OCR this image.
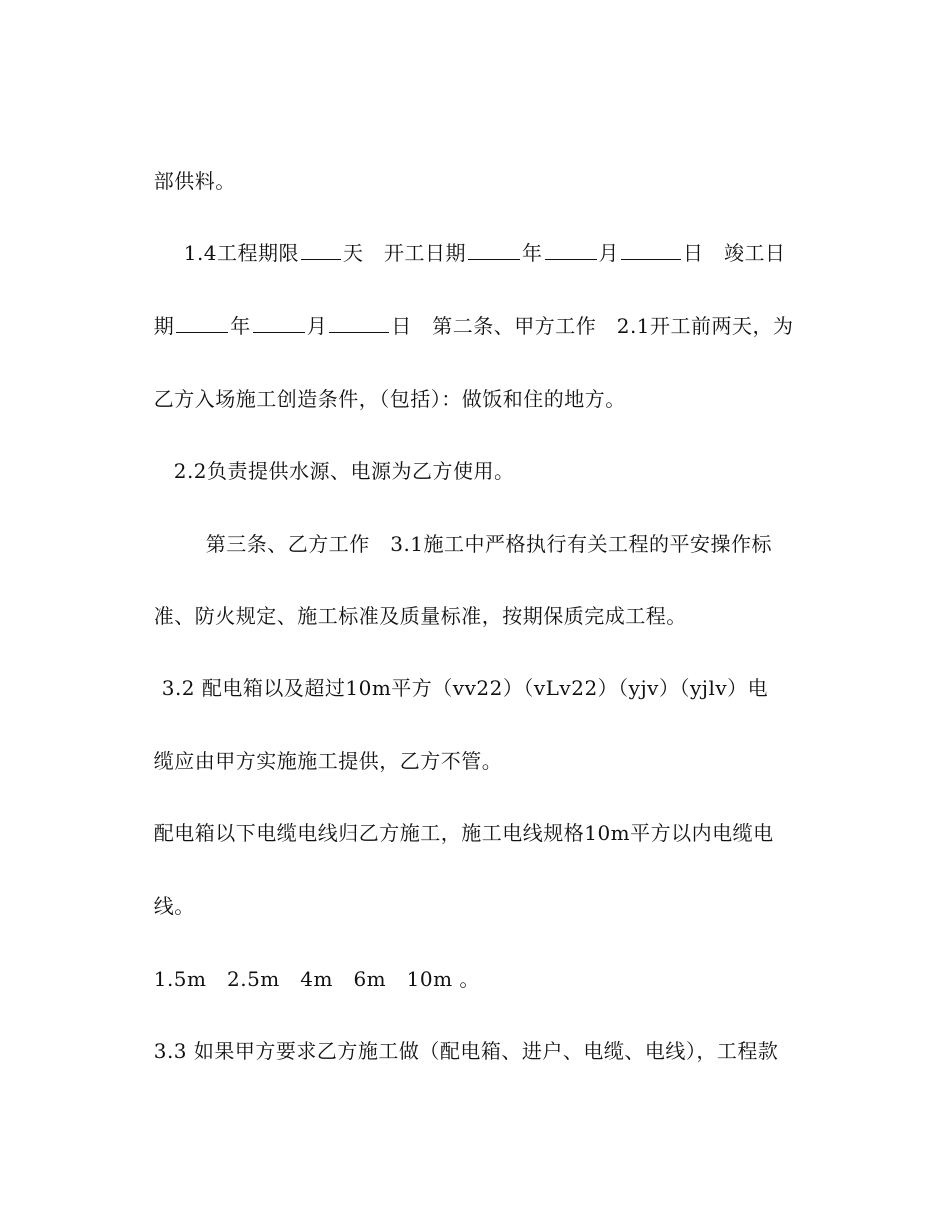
部供料。

1.4工程期限 天　 开工日期	年	月	日　 竣工日

期	年	月	日　 第二条、甲方工作　 2.1开工前两天，为

乙方入场施工创造条件，（包括）：做饭和住的地方。

2.2负责提供水源、电源为乙方使用。

第三条、乙方工作　 3.1施工中严格执行有关工程的平安操作标

准、防火规定、施工标准及质量标准，按期保质完成工程。

3.2 配电箱以及超过10m平方（vv22）（vLv22）（yjv）（yjlv）电

缆应由甲方实施施工提供，乙方不管。

配电箱以下电缆电线归乙方施工，施工电线规格10m平方以内电缆电

线。

1.5m　2.5m　4m　6m　10m 。

3.3 如果甲方要求乙方施工做（配电箱、进户、电缆、电线），工程款
